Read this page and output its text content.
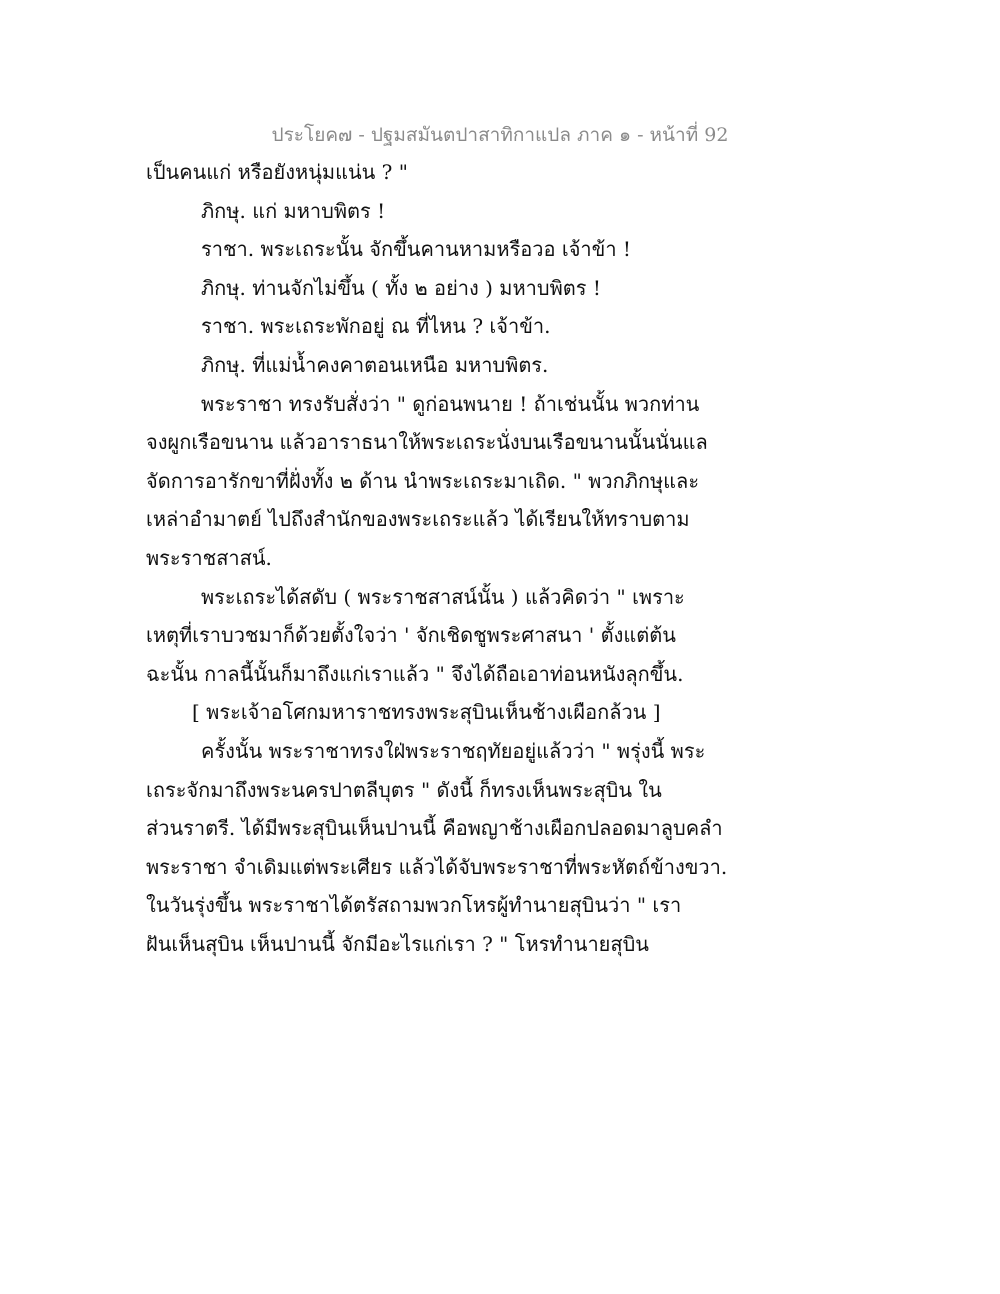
ประโยค๗ - ปฐมสมันตปาสาทิกาแปล ภาค ๑ - หน้าที่ 92
เป็นคนแก่ หรือยังหนุ่มแน่น ? "
ภิกษุ. แก่ มหาบพิตร !
ราชา. พระเถระนั้น จักขึ้นคานหามหรือวอ เจ้าข้า !
ภิกษุ. ท่านจักไม่ขึ้น ( ทั้ง ๒ อย่าง ) มหาบพิตร !
ราชา. พระเถระพักอยู่ ณ ที่ไหน ? เจ้าข้า.
ภิกษุ. ที่แม่น้ำคงคาตอนเหนือ มหาบพิตร.
พระราชา ทรงรับสั่งว่า " ดูก่อนพนาย ! ถ้าเช่นนั้น พวกท่าน
จงผูกเรือขนาน แล้วอาราธนาให้พระเถระนั่งบนเรือขนานนั้นนั่นแล
จัดการอารักขาที่ฝั่งทั้ง ๒ ด้าน นำพระเถระมาเถิด. " พวกภิกษุและ
เหล่าอำมาตย์ ไปถึงสำนักของพระเถระแล้ว ได้เรียนให้ทราบตาม
พระราชสาสน์.
พระเถระได้สดับ ( พระราชสาสน์นั้น ) แล้วคิดว่า " เพราะ
เหตุที่เราบวชมาก็ด้วยตั้งใจว่า ' จักเชิดชูพระศาสนา ' ตั้งแต่ต้น
ฉะนั้น กาลนี้นั้นก็มาถึงแก่เราแล้ว " จึงได้ถือเอาท่อนหนังลุกขึ้น.
[ พระเจ้าอโศกมหาราชทรงพระสุบินเห็นช้างเผือกล้วน ]
ครั้งนั้น พระราชาทรงใฝ่พระราชฤทัยอยู่แล้วว่า " พรุ่งนี้ พระ
เถระจักมาถึงพระนครปาตลีบุตร " ดังนี้ ก็ทรงเห็นพระสุบิน ใน
ส่วนราตรี. ได้มีพระสุบินเห็นปานนี้ คือพญาช้างเผือกปลอดมาลูบคลำ
พระราชา จำเดิมแต่พระเศียร แล้วได้จับพระราชาที่พระหัตถ์ข้างขวา.
ในวันรุ่งขึ้น พระราชาได้ตรัสถามพวกโหรผู้ทำนายสุบินว่า " เรา
ฝันเห็นสุบิน เห็นปานนี้ จักมีอะไรแก่เรา ? " โหรทำนายสุบิน
